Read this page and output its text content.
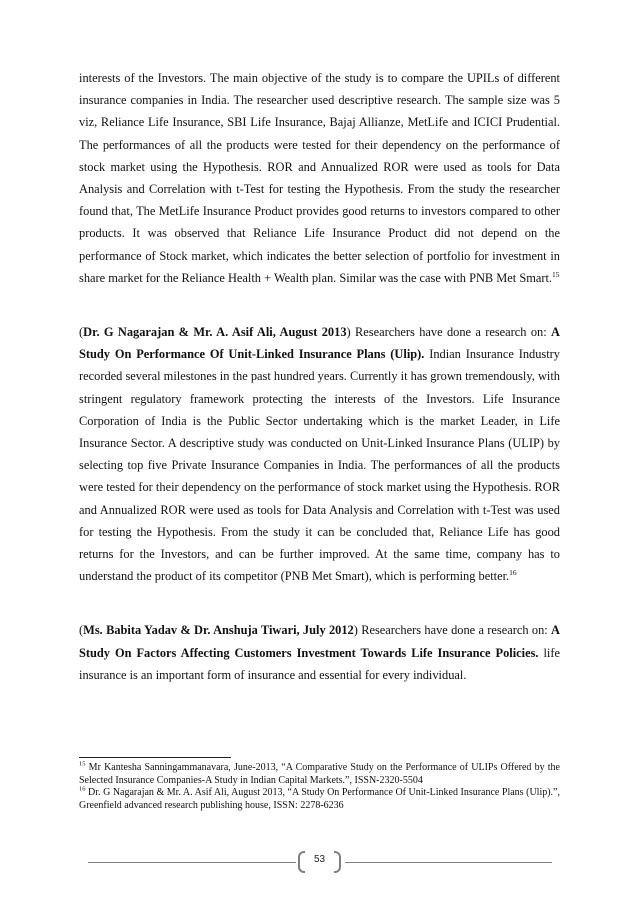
interests of the Investors. The main objective of the study is to compare the UPILs of different insurance companies in India. The researcher used descriptive research. The sample size was 5 viz, Reliance Life Insurance, SBI Life Insurance, Bajaj Allianze, MetLife and ICICI Prudential. The performances of all the products were tested for their dependency on the performance of stock market using the Hypothesis. ROR and Annualized ROR were used as tools for Data Analysis and Correlation with t-Test for testing the Hypothesis. From the study the researcher found that, The MetLife Insurance Product provides good returns to investors compared to other products. It was observed that Reliance Life Insurance Product did not depend on the performance of Stock market, which indicates the better selection of portfolio for investment in share market for the Reliance Health + Wealth plan. Similar was the case with PNB Met Smart.$^{15}$

(Dr. G Nagarajan & Mr. A. Asif Ali, August 2013) Researchers have done a research on: A Study On Performance Of Unit-Linked Insurance Plans (Ulip). Indian Insurance Industry recorded several milestones in the past hundred years. Currently it has grown tremendously, with stringent regulatory framework protecting the interests of the Investors. Life Insurance Corporation of India is the Public Sector undertaking which is the market Leader, in Life Insurance Sector. A descriptive study was conducted on Unit-Linked Insurance Plans (ULIP) by selecting top five Private Insurance Companies in India. The performances of all the products were tested for their dependency on the performance of stock market using the Hypothesis. ROR and Annualized ROR were used as tools for Data Analysis and Correlation with t-Test was used for testing the Hypothesis. From the study it can be concluded that, Reliance Life has good returns for the Investors, and can be further improved. At the same time, company has to understand the product of its competitor (PNB Met Smart), which is performing better.$^{16}$

(Ms. Babita Yadav & Dr. Anshuja Tiwari, July 2012) Researchers have done a research on: A Study On Factors Affecting Customers Investment Towards Life Insurance Policies. life insurance is an important form of insurance and essential for every individual.

$^{15}$ Mr Kantesha Sanningammanavara, June-2013, “A Comparative Study on the Performance of ULIPs Offered by the Selected Insurance Companies-A Study in Indian Capital Markets.”, ISSN-2320-5504
$^{16}$ Dr. G Nagarajan & Mr. A. Asif Ali, August 2013, “A Study On Performance Of Unit-Linked Insurance Plans (Ulip).”, Greenfield advanced research publishing house, ISSN: 2278-6236
53
